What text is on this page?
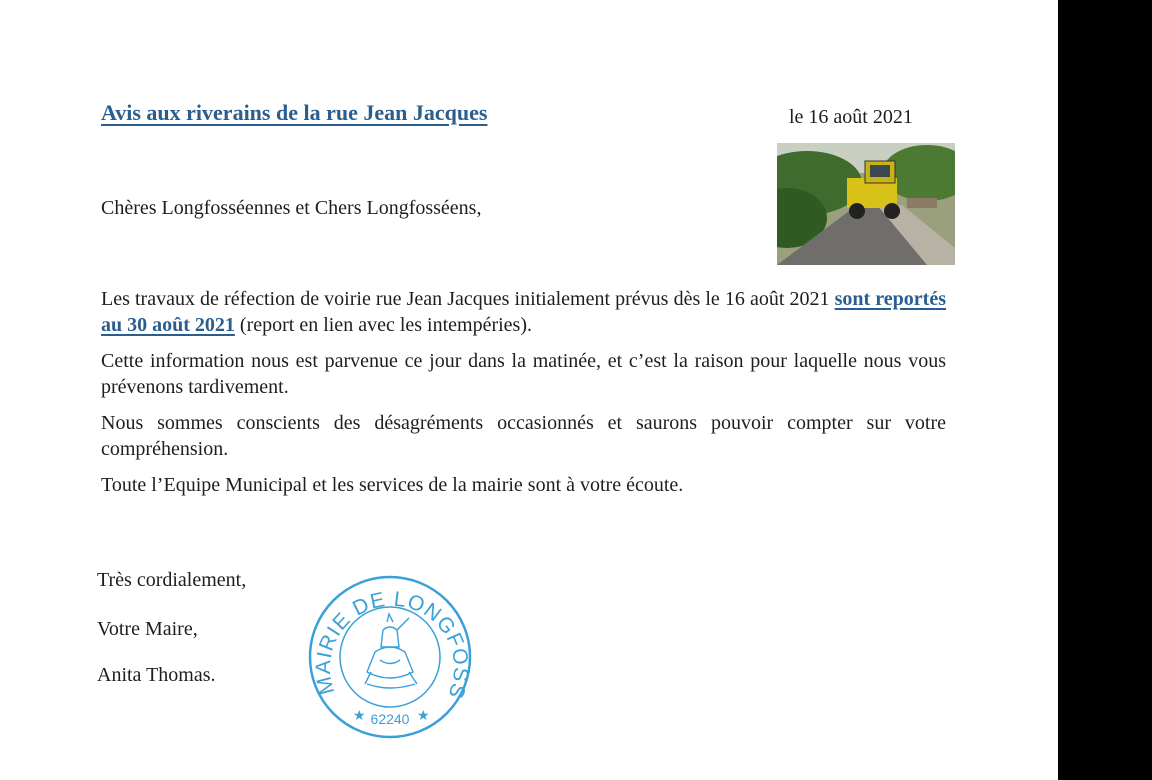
Avis aux riverains de la rue Jean Jacques	le 16 août 2021
Chères Longfosséennes et Chers Longfosséens,

Les travaux de réfection de voirie rue Jean Jacques initialement prévus dès le 16 août 2021 sont reportés au 30 août 2021 (report en lien avec les intempéries).

Cette information nous est parvenue ce jour dans la matinée, et c’est la raison pour laquelle nous vous prévenons tardivement.

Nous sommes conscients des désagréments occasionnés et saurons pouvoir compter sur votre compréhension.

Toute l’Equipe Municipal et les services de la mairie sont à votre écoute.

Très cordialement,
Votre Maire,
Anita Thomas.	MAIRIE DE LONGFOSS
62240
★	★
